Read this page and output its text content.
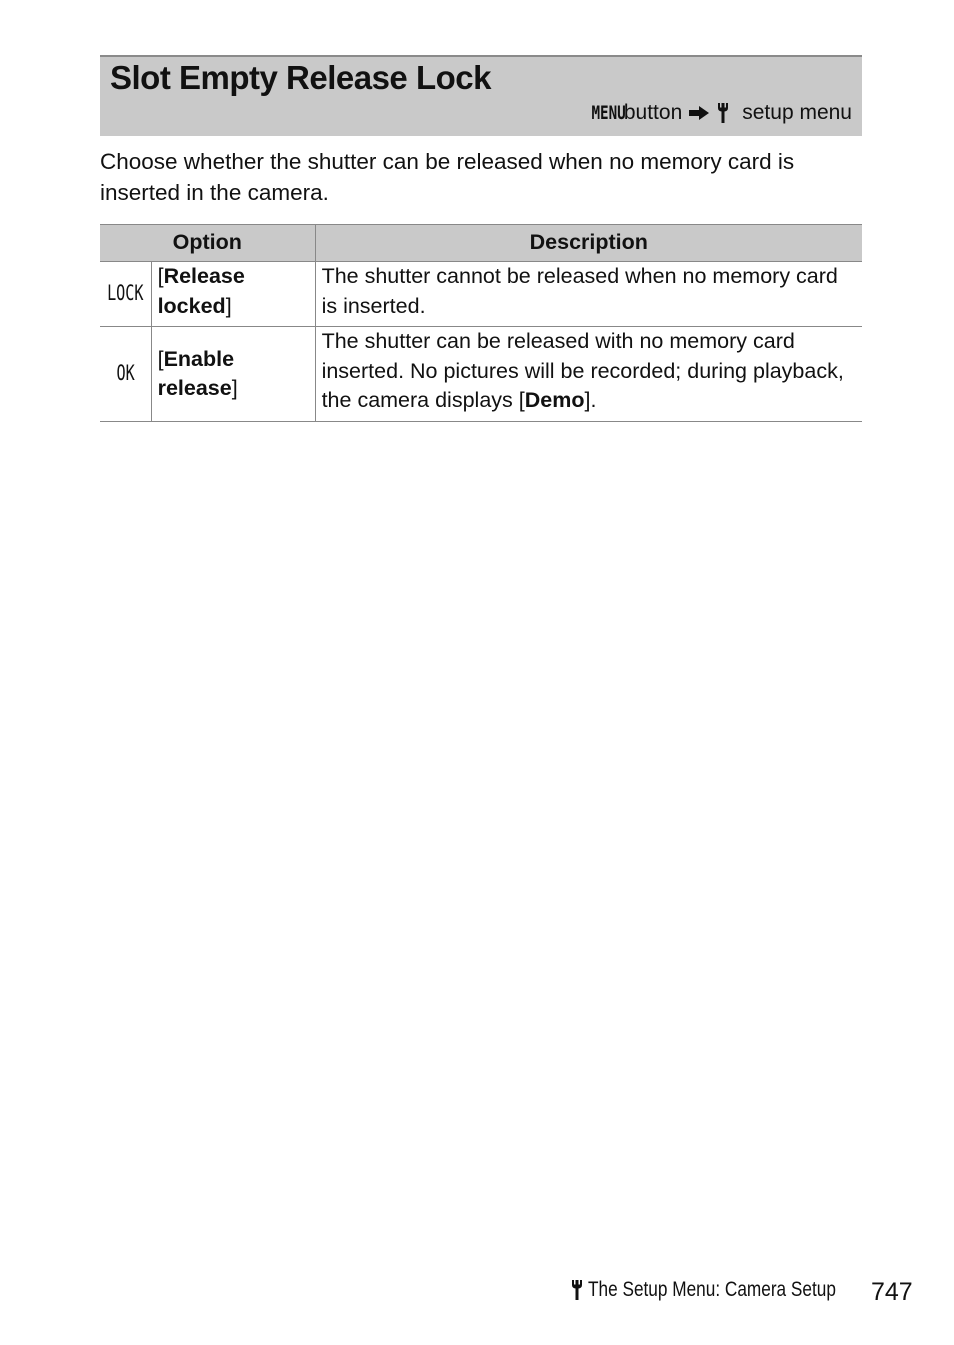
Slot Empty Release Lock
MENU
button	setup menu
Choose whether the shutter can be released when no memory card is inserted in the camera.
Option		Description
LOCK	[Release locked]	The shutter cannot be released when no memory card is inserted.
OK	[Enable release]	The shutter can be released with no memory card inserted. No pictures will be recorded; during playback, the camera displays [Demo].
The Setup Menu: Camera Setup 747
